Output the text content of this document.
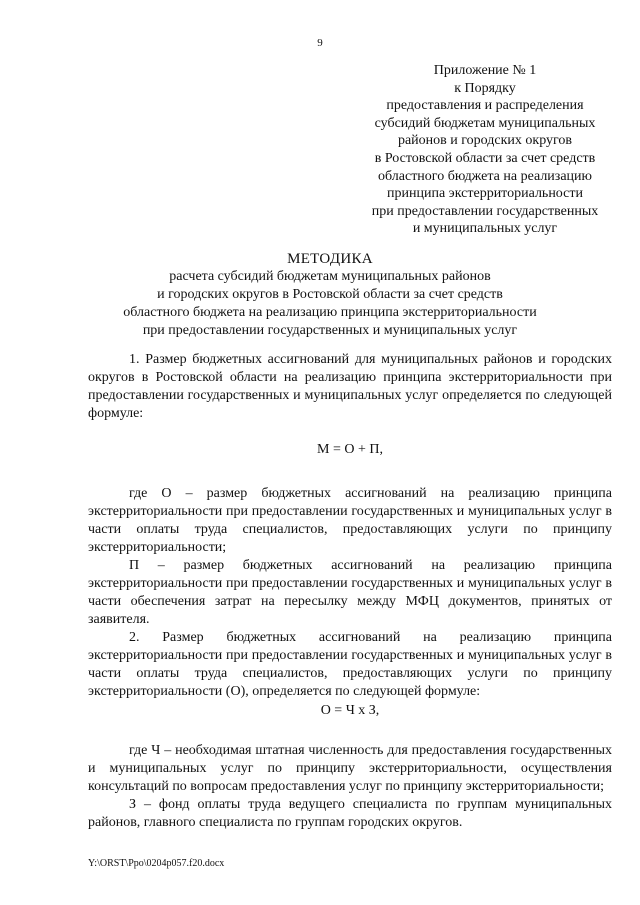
9
Приложение № 1
к Порядку
предоставления и распределения
субсидий бюджетам муниципальных
районов и городских округов
в Ростовской области за счет средств
областного бюджета на реализацию
принципа экстерриториальности
при предоставлении государственных
и муниципальных услуг
МЕТОДИКА
расчета субсидий бюджетам муниципальных районов
и городских округов в Ростовской области за счет средств
областного бюджета на реализацию принципа экстерриториальности
при предоставлении государственных и муниципальных услуг

1. Размер бюджетных ассигнований для муниципальных районов и городских округов в Ростовской области на реализацию принципа экстерриториальности при предоставлении государственных и муниципальных услуг определяется по следующей формуле:

М = О + П,

где О – размер бюджетных ассигнований на реализацию принципа экстерриториальности при предоставлении государственных и муниципальных услуг в части оплаты труда специалистов, предоставляющих услуги по принципу экстерриториальности;

П – размер бюджетных ассигнований на реализацию принципа экстерриториальности при предоставлении государственных и муниципальных услуг в части обеспечения затрат на пересылку между МФЦ документов, принятых от заявителя.

2. Размер бюджетных ассигнований на реализацию принципа экстерриториальности при предоставлении государственных и муниципальных услуг в части оплаты труда специалистов, предоставляющих услуги по принципу экстерриториальности (О), определяется по следующей формуле:

О = Ч х З,

где Ч – необходимая штатная численность для предоставления государственных и муниципальных услуг по принципу экстерриториальности, осуществления консультаций по вопросам предоставления услуг по принципу экстерриториальности;

З – фонд оплаты труда ведущего специалиста по группам муниципальных районов, главного специалиста по группам городских округов.

Y:\ORST\Ppo\0204p057.f20.docx
